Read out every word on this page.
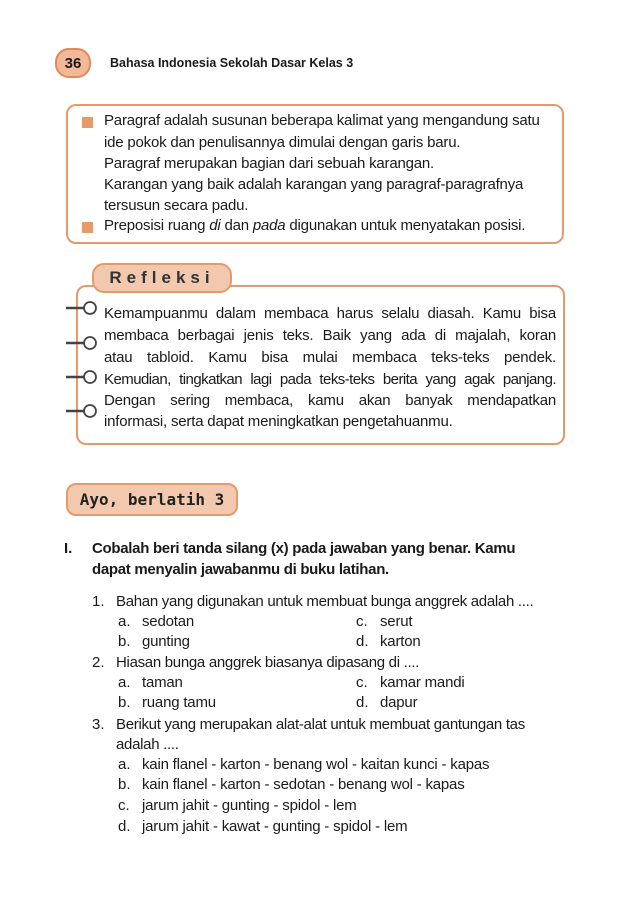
36	Bahasa Indonesia Sekolah Dasar Kelas 3
Paragraf adalah susunan beberapa kalimat yang mengandung satu
ide pokok dan penulisannya dimulai dengan garis baru.
Paragraf merupakan bagian dari sebuah karangan.
Karangan yang baik adalah karangan yang paragraf-paragrafnya
tersusun secara padu.
Preposisi ruang di dan pada digunakan untuk menyatakan posisi.
Refleksi
Kemampuanmu dalam membaca harus selalu diasah. Kamu bisa
membaca berbagai jenis teks. Baik yang ada di majalah, koran
atau tabloid. Kamu bisa mulai membaca teks-teks pendek.
Kemudian, tingkatkan lagi pada teks-teks berita yang agak panjang.
Dengan sering membaca, kamu akan banyak mendapatkan
informasi, serta dapat meningkatkan pengetahuanmu.
Ayo, berlatih 3
I. Cobalah beri tanda silang (x) pada jawaban yang benar. Kamu
dapat menyalin jawabanmu di buku latihan.
1. Bahan yang digunakan untuk membuat bunga anggrek adalah ....
a. sedotan	c. serut
b. gunting	d. karton
2. Hiasan bunga anggrek biasanya dipasang di ....
a. taman	c. kamar mandi
b. ruang tamu	d. dapur
3. Berikut yang merupakan alat-alat untuk membuat gantungan tas
adalah ....
a. kain flanel - karton - benang wol - kaitan kunci - kapas
b. kain flanel - karton - sedotan - benang wol - kapas
c. jarum jahit - gunting - spidol - lem
d. jarum jahit - kawat - gunting - spidol - lem
